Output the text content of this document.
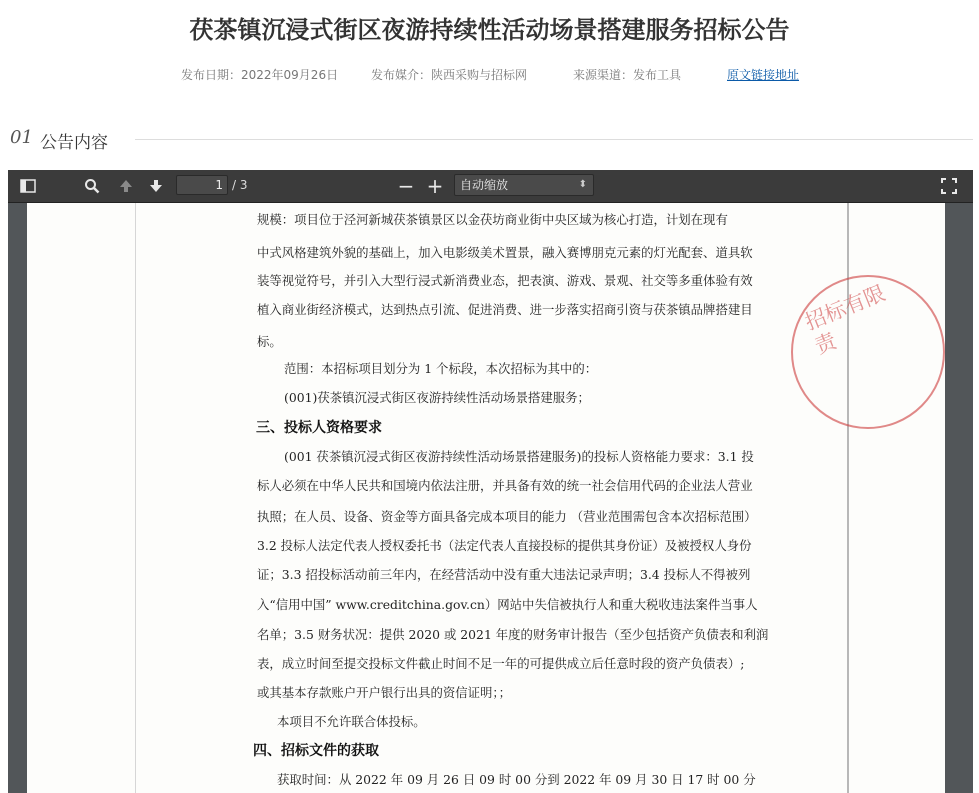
茯茶镇沉浸式街区夜游持续性活动场景搭建服务招标公告
发布日期：2022年09月26日	发布媒介：陕西采购与招标网	来源渠道：发布工具	原文链接地址
01 公告内容
1 / 3	− +	自动缩放	⬍
招标有限责
规模：项目位于泾河新城茯茶镇景区以金茯坊商业街中央区域为核心打造，计划在现有
中式风格建筑外貌的基础上，加入电影级美术置景，融入赛博朋克元素的灯光配套、道具软
装等视觉符号，并引入大型行浸式新消费业态，把表演、游戏、景观、社交等多重体验有效
植入商业街经济模式，达到热点引流、促进消费、进一步落实招商引资与茯茶镇品牌搭建目
标。
范围：本招标项目划分为 1 个标段，本次招标为其中的：
(001)茯茶镇沉浸式街区夜游持续性活动场景搭建服务；
三、投标人资格要求
(001 茯茶镇沉浸式街区夜游持续性活动场景搭建服务)的投标人资格能力要求：3.1 投
标人必须在中华人民共和国境内依法注册，并具备有效的统一社会信用代码的企业法人营业
执照；在人员、设备、资金等方面具备完成本项目的能力 （营业范围需包含本次招标范围）
3.2 投标人法定代表人授权委托书（法定代表人直接投标的提供其身份证）及被授权人身份
证；3.3 招投标活动前三年内，在经营活动中没有重大违法记录声明；3.4 投标人不得被列
入“信用中国” www.creditchina.gov.cn）网站中失信被执行人和重大税收违法案件当事人
名单；3.5 财务状况：提供 2020 或 2021 年度的财务审计报告（至少包括资产负债表和利润
表，成立时间至提交投标文件截止时间不足一年的可提供成立后任意时段的资产负债表）;
或其基本存款账户开户银行出具的资信证明；；
本项目不允许联合体投标。
四、招标文件的获取
获取时间：从 2022 年 09 月 26 日 09 时 00 分到 2022 年 09 月 30 日 17 时 00 分
